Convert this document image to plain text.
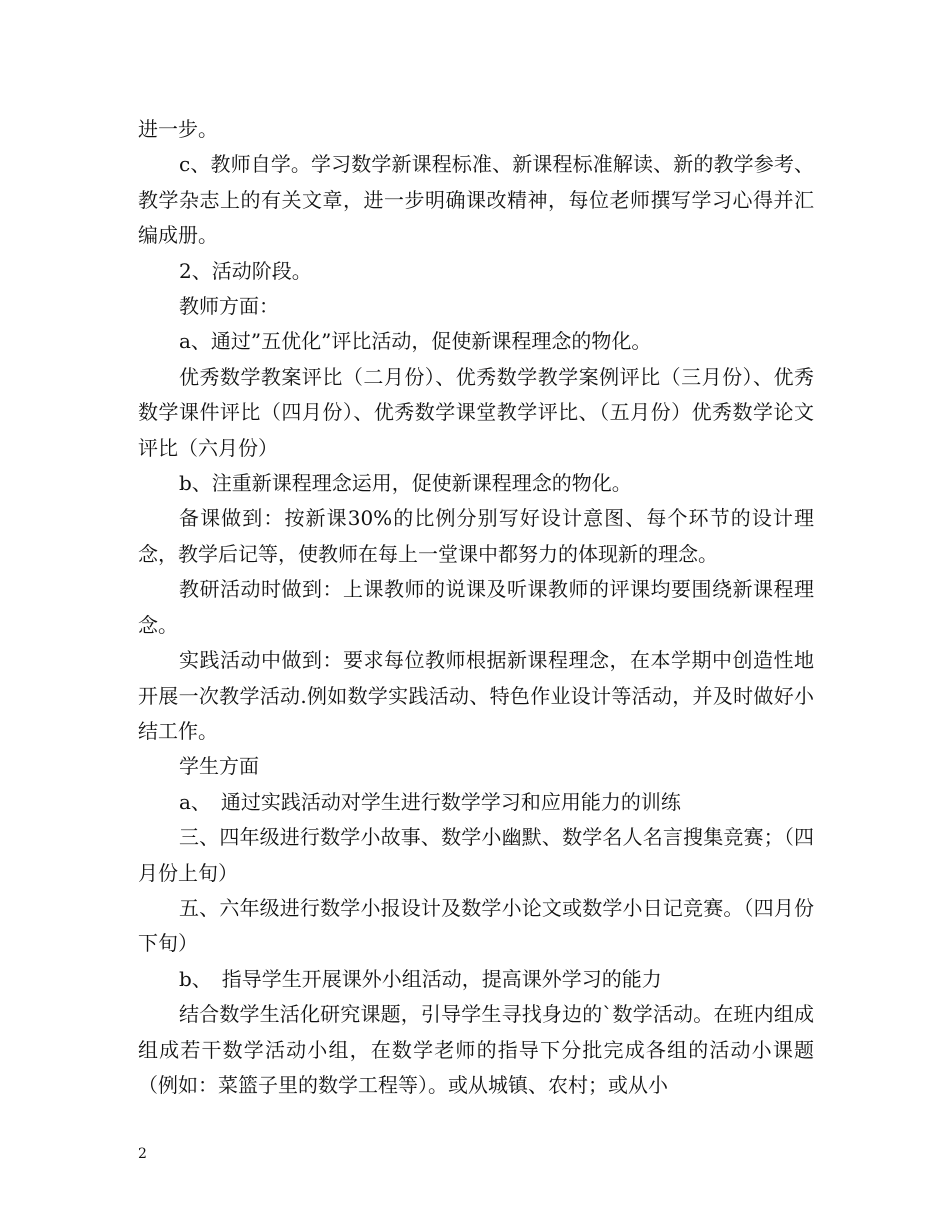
进一步。

c、教师自学。学习数学新课程标准、新课程标准解读、新的教学参考、教学杂志上的有关文章，进一步明确课改精神，每位老师撰写学习心得并汇编成册。

2、活动阶段。

教师方面：

a、通过”五优化”评比活动，促使新课程理念的物化。

优秀数学教案评比（二月份）、优秀数学教学案例评比（三月份）、优秀数学课件评比（四月份）、优秀数学课堂教学评比、（五月份）优秀数学论文评比（六月份）

b、注重新课程理念运用，促使新课程理念的物化。

备课做到：按新课30%的比例分别写好设计意图、每个环节的设计理念，教学后记等，使教师在每上一堂课中都努力的体现新的理念。

教研活动时做到：上课教师的说课及听课教师的评课均要围绕新课程理念。

实践活动中做到：要求每位教师根据新课程理念，在本学期中创造性地开展一次教学活动.例如数学实践活动、特色作业设计等活动，并及时做好小结工作。

学生方面

a、　通过实践活动对学生进行数学学习和应用能力的训练

三、四年级进行数学小故事、数学小幽默、数学名人名言搜集竞赛；（四月份上旬）

五、六年级进行数学小报设计及数学小论文或数学小日记竞赛。（四月份下旬）

b、　指导学生开展课外小组活动，提高课外学习的能力

结合数学生活化研究课题，引导学生寻找身边的`数学活动。在班内组成组成若干数学活动小组，在数学老师的指导下分批完成各组的活动小课题（例如：菜篮子里的数学工程等）。或从城镇、农村；或从小

2
